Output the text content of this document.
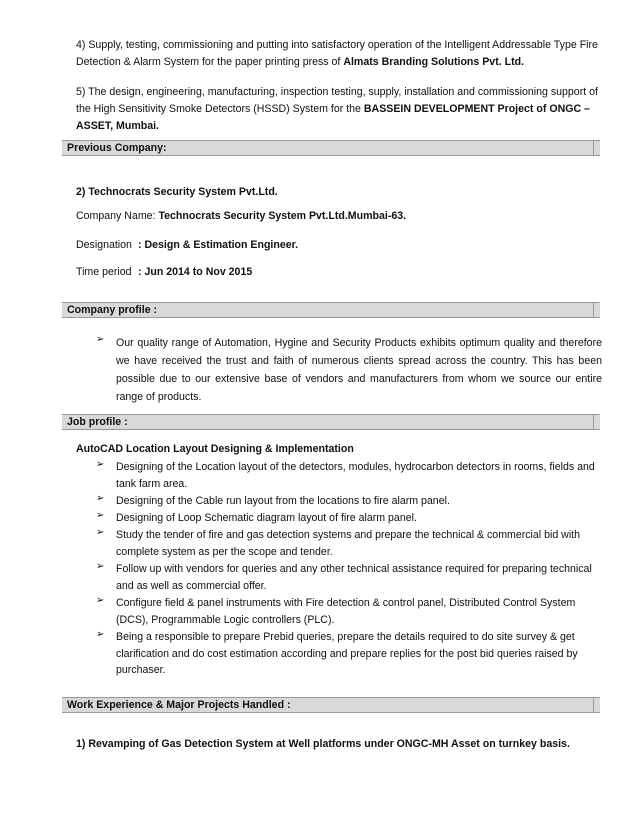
4) Supply, testing, commissioning and putting into satisfactory operation of the Intelligent Addressable Type Fire Detection & Alarm System for the paper printing press of Almats Branding Solutions Pvt. Ltd.
5) The design, engineering, manufacturing, inspection testing, supply, installation and commissioning support of the High Sensitivity Smoke Detectors (HSSD) System for the BASSEIN DEVELOPMENT Project of ONGC – ASSET, Mumbai.
Previous Company:
2) Technocrats Security System Pvt.Ltd.
Company Name: Technocrats Security System Pvt.Ltd.Mumbai-63.
Designation : Design & Estimation Engineer.
Time period : Jun 2014 to Nov 2015
Company profile :
➢	Our quality range of Automation, Hygine and Security Products exhibits optimum quality and therefore we have received the trust and faith of numerous clients spread across the country. This has been possible due to our extensive base of vendors and manufacturers from whom we source our entire range of products.
Job profile :
AutoCAD Location Layout Designing & Implementation
➢	Designing of the Location layout of the detectors, modules, hydrocarbon detectors in rooms, fields and tank farm area.
➢	Designing of the Cable run layout from the locations to fire alarm panel.
➢	Designing of Loop Schematic diagram layout of fire alarm panel.
➢	Study the tender of fire and gas detection systems and prepare the technical & commercial bid with complete system as per the scope and tender.
➢	Follow up with vendors for queries and any other technical assistance required for preparing technical and as well as commercial offer.
➢	Configure field & panel instruments with Fire detection & control panel, Distributed Control System (DCS), Programmable Logic controllers (PLC).
➢	Being a responsible to prepare Prebid queries, prepare the details required to do site survey & get clarification and do cost estimation according and prepare replies for the post bid queries raised by purchaser.
Work Experience & Major Projects Handled :
1) Revamping of Gas Detection System at Well platforms under ONGC-MH Asset on turnkey basis.
